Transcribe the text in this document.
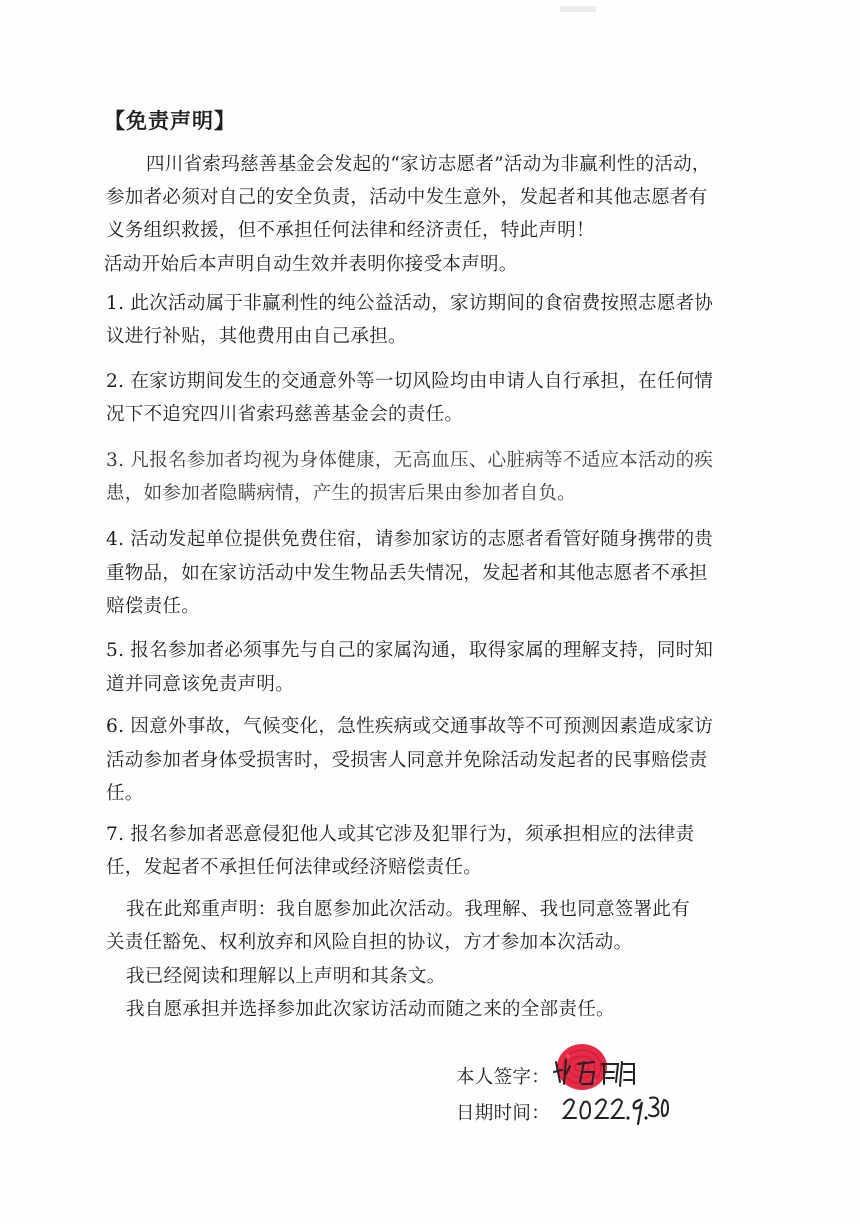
【免责声明】

四川省索玛慈善基金会发起的“家访志愿者”活动为非赢利性的活动，

参加者必须对自己的安全负责，活动中发生意外，发起者和其他志愿者有

义务组织救援，但不承担任何法律和经济责任，特此声明！

活动开始后本声明自动生效并表明你接受本声明。

1. 此次活动属于非赢利性的纯公益活动，家访期间的食宿费按照志愿者协

议进行补贴，其他费用由自己承担。

2. 在家访期间发生的交通意外等一切风险均由申请人自行承担，在任何情

况下不追究四川省索玛慈善基金会的责任。

3. 凡报名参加者均视为身体健康，无高血压、心脏病等不适应本活动的疾

患，如参加者隐瞒病情，产生的损害后果由参加者自负。

4. 活动发起单位提供免费住宿，请参加家访的志愿者看管好随身携带的贵

重物品，如在家访活动中发生物品丢失情况，发起者和其他志愿者不承担

赔偿责任。

5. 报名参加者必须事先与自己的家属沟通，取得家属的理解支持，同时知

道并同意该免责声明。

6. 因意外事故，气候变化，急性疾病或交通事故等不可预测因素造成家访

活动参加者身体受损害时，受损害人同意并免除活动发起者的民事赔偿责

任。

7. 报名参加者恶意侵犯他人或其它涉及犯罪行为，须承担相应的法律责

任，发起者不承担任何法律或经济赔偿责任。

我在此郑重声明：我自愿参加此次活动。我理解、我也同意签署此有

关责任豁免、权利放弃和风险自担的协议，方才参加本次活动。

我已经阅读和理解以上声明和其条文。

我自愿承担并选择参加此次家访活动而随之来的全部责任。

本人签字：

日期时间：
